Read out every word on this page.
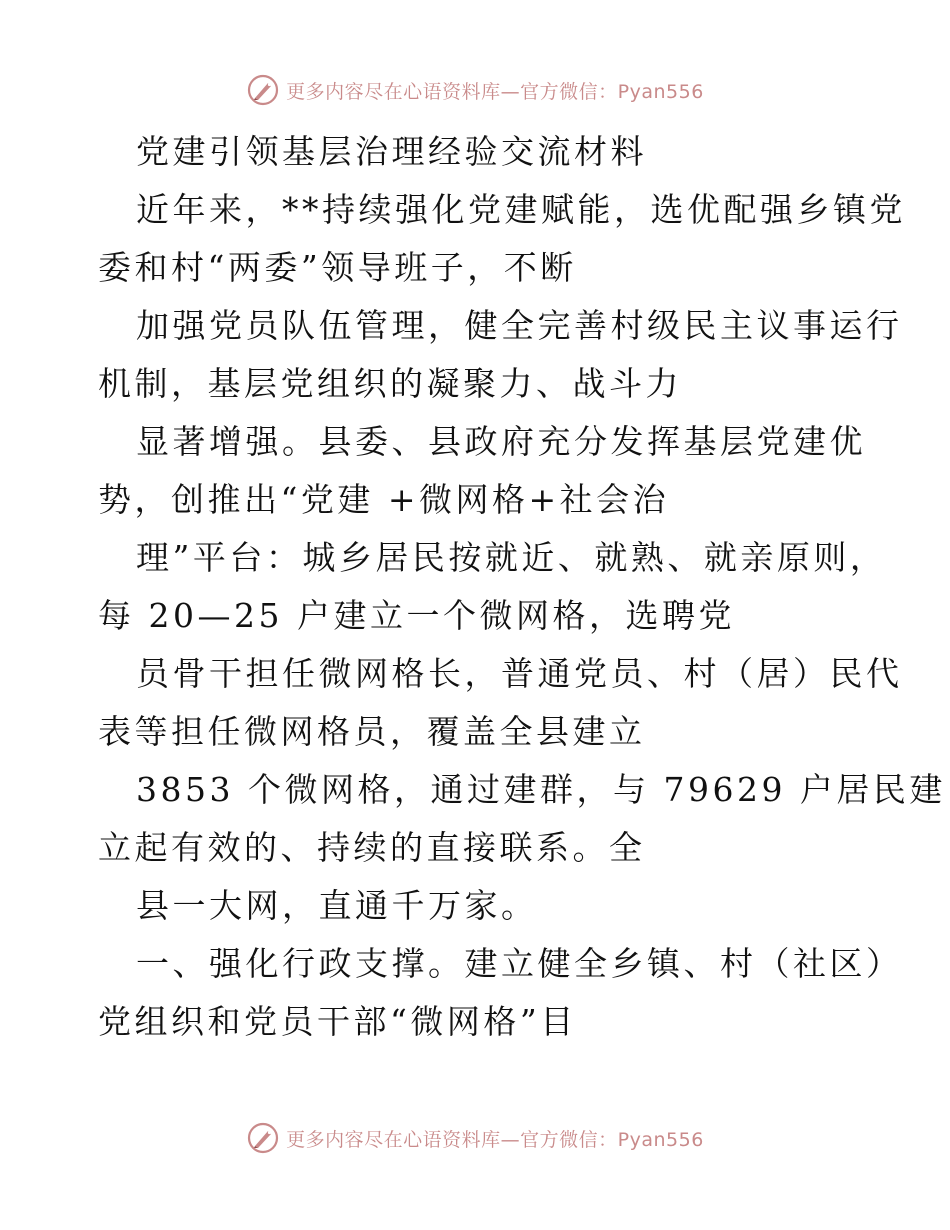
更多内容尽在心语资料库—官方微信：Pyan556
党建引领基层治理经验交流材料
近年来，**持续强化党建赋能，选优配强乡镇党
委和村“两委”领导班子，不断
加强党员队伍管理，健全完善村级民主议事运行
机制，基层党组织的凝聚力、战斗力
显著增强。县委、县政府充分发挥基层党建优
势，创推出“党建 +微网格+社会治
理”平台：城乡居民按就近、就熟、就亲原则，
每 20—25 户建立一个微网格，选聘党
员骨干担任微网格长，普通党员、村（居）民代
表等担任微网格员，覆盖全县建立
3853 个微网格，通过建群，与 79629 户居民建
立起有效的、持续的直接联系。全
县一大网，直通千万家。
一、强化行政支撑。建立健全乡镇、村（社区）
党组织和党员干部“微网格”目
更多内容尽在心语资料库—官方微信：Pyan556
